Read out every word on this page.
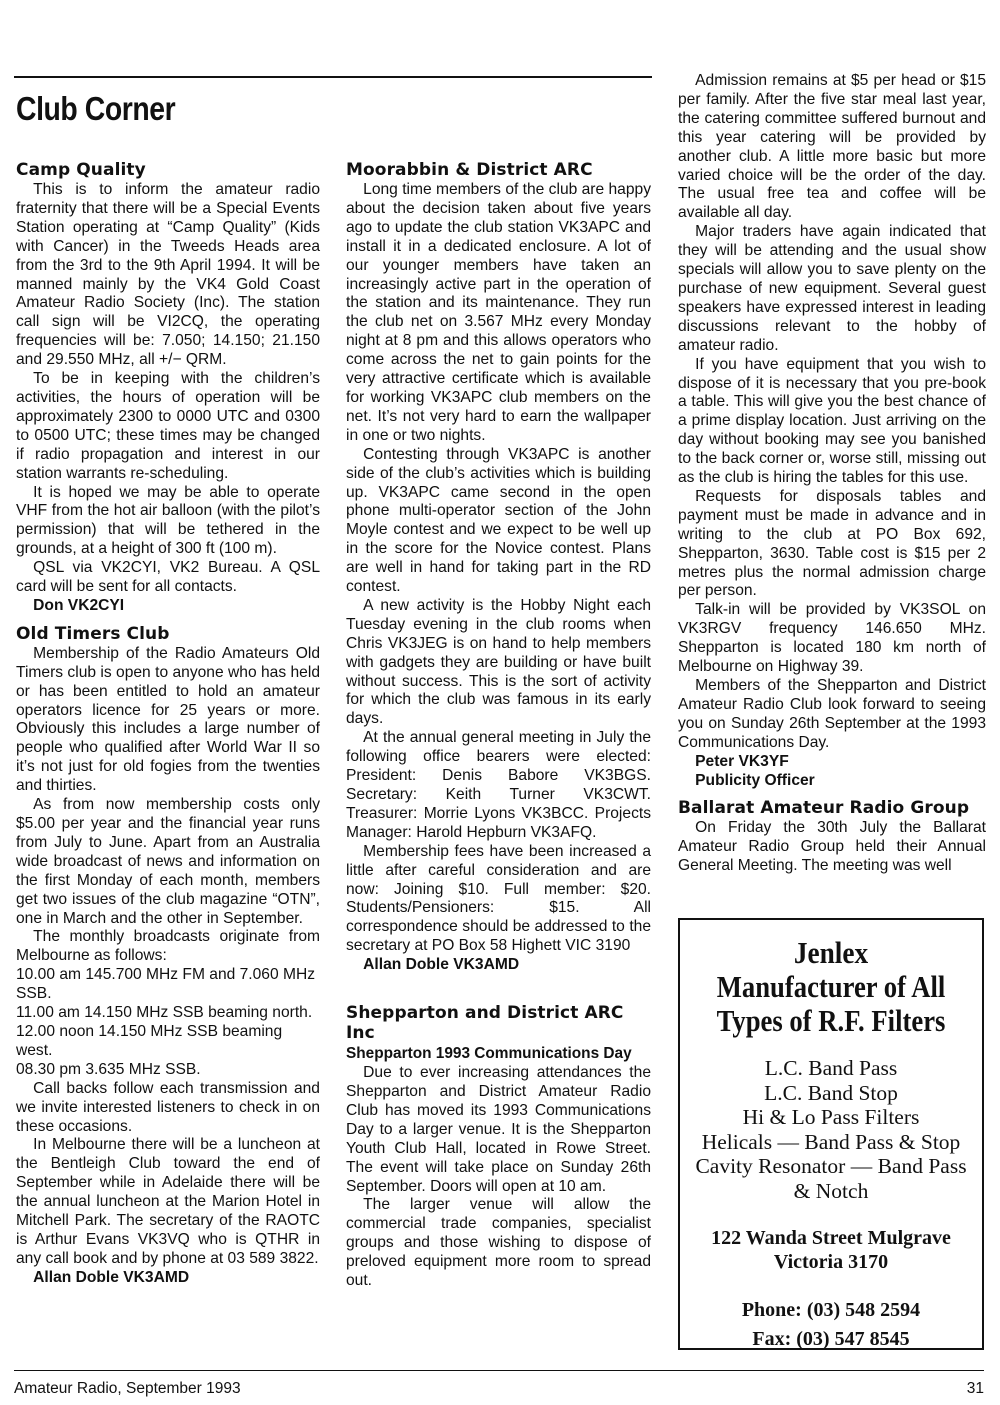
Club Corner
Camp Quality

This is to inform the amateur radio fraternity that there will be a Special Events Station operating at “Camp Quality” (Kids with Cancer) in the Tweeds Heads area from the 3rd to the 9th April 1994. It will be manned mainly by the VK4 Gold Coast Amateur Radio Society (Inc). The station call sign will be VI2CQ, the operating frequencies will be: 7.050; 14.150; 21.150 and 29.550 MHz, all +/− QRM.

To be in keeping with the children’s activities, the hours of operation will be approximately 2300 to 0000 UTC and 0300 to 0500 UTC; these times may be changed if radio propagation and interest in our station warrants re-scheduling.

It is hoped we may be able to operate VHF from the hot air balloon (with the pilot’s permission) that will be tethered in the grounds, at a height of 300 ft (100 m).

QSL via VK2CYI, VK2 Bureau. A QSL card will be sent for all contacts.

Don VK2CYI

Old Timers Club

Membership of the Radio Amateurs Old Timers club is open to anyone who has held or has been entitled to hold an amateur operators licence for 25 years or more. Obviously this includes a large number of people who qualified after World War II so it’s not just for old fogies from the twenties and thirties.

As from now membership costs only $5.00 per year and the financial year runs from July to June. Apart from an Australia wide broadcast of news and information on the first Monday of each month, members get two issues of the club magazine “OTN”, one in March and the other in September.

The monthly broadcasts originate from Melbourne as follows:

10.00 am 145.700 MHz FM and 7.060 MHz SSB.

11.00 am 14.150 MHz SSB beaming north.

12.00 noon 14.150 MHz SSB beaming west.

08.30 pm 3.635 MHz SSB.

Call backs follow each transmission and we invite interested listeners to check in on these occasions.

In Melbourne there will be a luncheon at the Bentleigh Club toward the end of September while in Adelaide there will be the annual luncheon at the Marion Hotel in Mitchell Park. The secretary of the RAOTC is Arthur Evans VK3VQ who is QTHR in any call book and by phone at 03 589 3822.

Allan Doble VK3AMD

Moorabbin & District ARC

Long time members of the club are happy about the decision taken about five years ago to update the club station VK3APC and install it in a dedicated enclosure. A lot of our younger members have taken an increasingly active part in the operation of the station and its maintenance. They run the club net on 3.567 MHz every Monday night at 8 pm and this allows operators who come across the net to gain points for the very attractive certificate which is available for working VK3APC club members on the net. It’s not very hard to earn the wallpaper in one or two nights.

Contesting through VK3APC is another side of the club’s activities which is building up. VK3APC came second in the open phone multi-operator section of the John Moyle contest and we expect to be well up in the score for the Novice contest. Plans are well in hand for taking part in the RD contest.

A new activity is the Hobby Night each Tuesday evening in the club rooms when Chris VK3JEG is on hand to help members with gadgets they are building or have built without success. This is the sort of activity for which the club was famous in its early days.

At the annual general meeting in July the following office bearers were elected: President: Denis Babore VK3BGS. Secretary: Keith Turner VK3CWT. Treasurer: Morrie Lyons VK3BCC. Projects Manager: Harold Hepburn VK3AFQ.

Membership fees have been increased a little after careful consideration and are now: Joining $10. Full member: $20. Students/Pensioners: $15. All correspondence should be addressed to the secretary at PO Box 58 Highett VIC 3190

Allan Doble VK3AMD

Shepparton and District ARC Inc
Shepparton 1993 Communications Day

Due to ever increasing attendances the Shepparton and District Amateur Radio Club has moved its 1993 Communications Day to a larger venue. It is the Shepparton Youth Club Hall, located in Rowe Street. The event will take place on Sunday 26th September. Doors will open at 10 am.

The larger venue will allow the commercial trade companies, specialist groups and those wishing to dispose of preloved equipment more room to spread out.

Admission remains at $5 per head or $15 per family. After the five star meal last year, the catering committee suffered burnout and this year catering will be provided by another club. A little more basic but more varied choice will be the order of the day. The usual free tea and coffee will be available all day.

Major traders have again indicated that they will be attending and the usual show specials will allow you to save plenty on the purchase of new equipment. Several guest speakers have expressed interest in leading discussions relevant to the hobby of amateur radio.

If you have equipment that you wish to dispose of it is necessary that you pre-book a table. This will give you the best chance of a prime display location. Just arriving on the day without booking may see you banished to the back corner or, worse still, missing out as the club is hiring the tables for this use.

Requests for disposals tables and payment must be made in advance and in writing to the club at PO Box 692, Shepparton, 3630. Table cost is $15 per 2 metres plus the normal admission charge per person.

Talk-in will be provided by VK3SOL on VK3RGV frequency 146.650 MHz. Shepparton is located 180 km north of Melbourne on Highway 39.

Members of the Shepparton and District Amateur Radio Club look forward to seeing you on Sunday 26th September at the 1993 Communications Day.

Peter VK3YF

Publicity Officer

Ballarat Amateur Radio Group

On Friday the 30th July the Ballarat Amateur Radio Group held their Annual General Meeting. The meeting was well

Jenlex
Manufacturer of All
Types of R.F. Filters
L.C. Band Pass
L.C. Band Stop
Hi & Lo Pass Filters
Helicals — Band Pass & Stop
Cavity Resonator — Band Pass
& Notch
122 Wanda Street Mulgrave
Victoria 3170
Phone: (03) 548 2594
Fax: (03) 547 8545
Amateur Radio, September 1993	31
